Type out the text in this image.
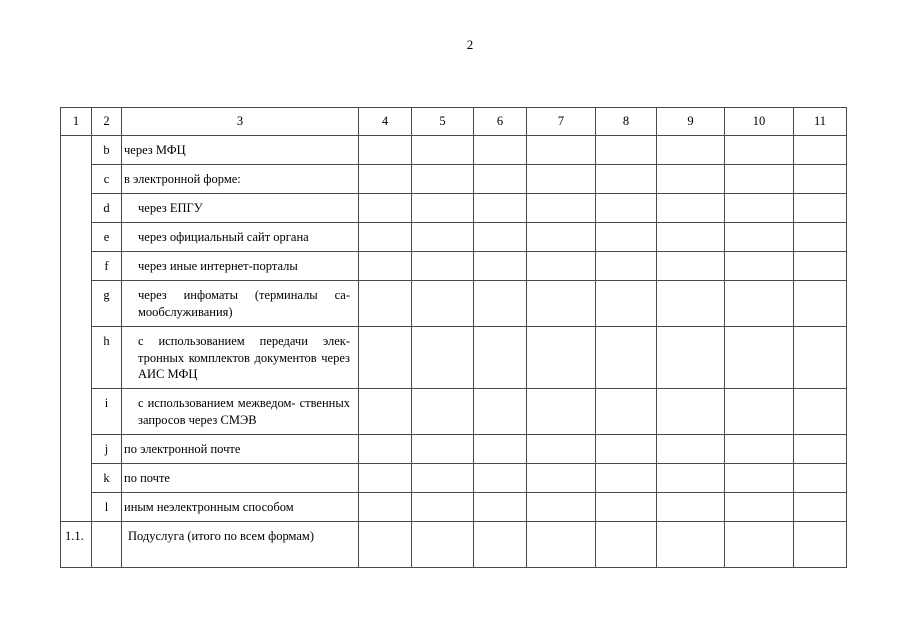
2
1	2	3	4	5	6	7	8	9	10	11
	b	через МФЦ								
	c	в электронной форме:								
	d	через ЕПГУ								
	e	через официальный сайт органа								
	f	через иные интернет-порталы								
	g	через инфоматы (терминалы са- мообслуживания)								
	h	с использованием передачи элек- тронных комплектов документов через АИС МФЦ								
	i	с использованием межведом- ственных запросов через СМЭВ								
	j	по электронной почте								
	k	по почте								
	l	иным неэлектронным способом								
1.1.		Подуслуга (итого по всем формам)								
